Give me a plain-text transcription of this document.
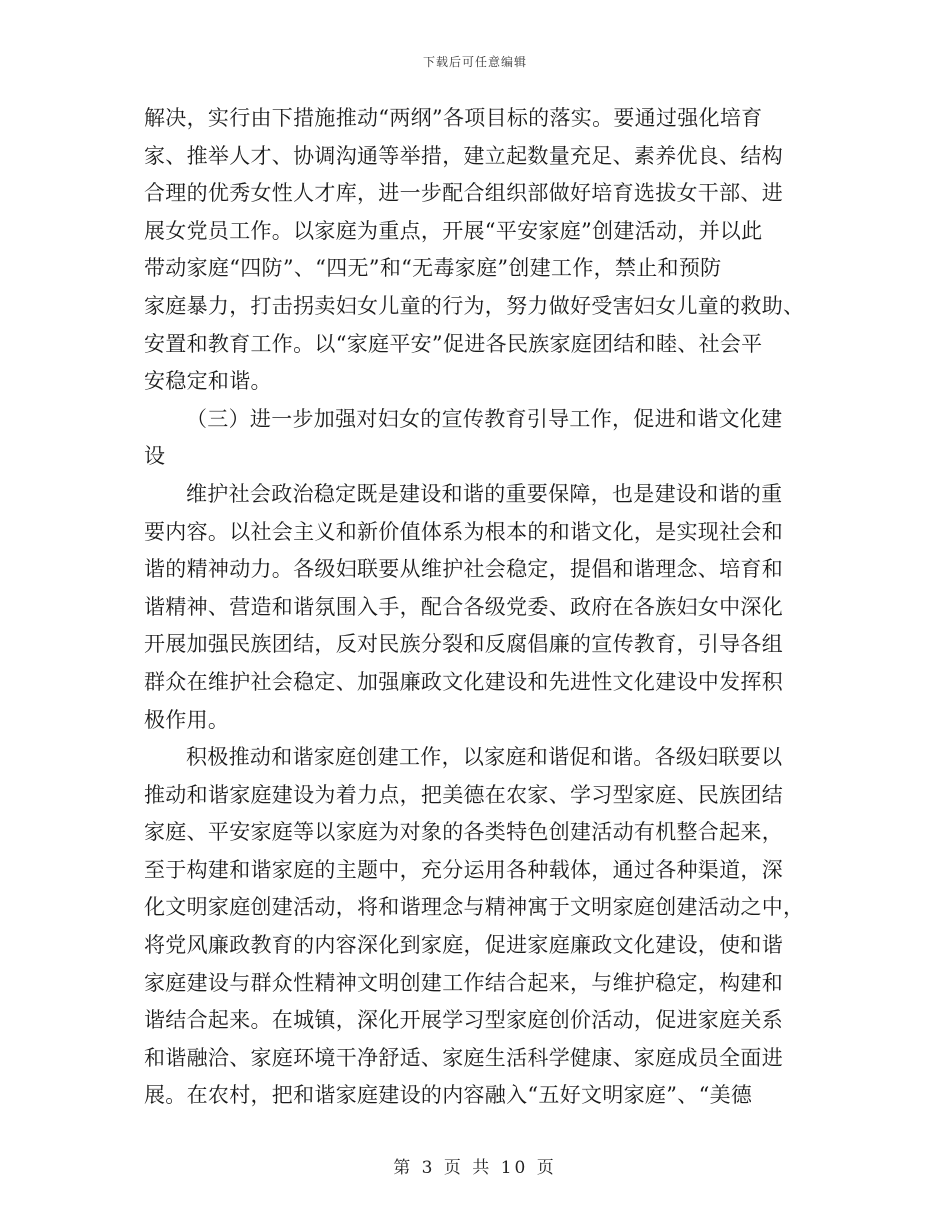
下载后可任意编辑
解决，实行由下措施推动“两纲”各项目标的落实。要通过强化培育
家、推举人才、协调沟通等举措，建立起数量充足、素养优良、结构
合理的优秀女性人才库，进一步配合组织部做好培育选拔女干部、进
展女党员工作。以家庭为重点，开展“平安家庭”创建活动，并以此
带动家庭“四防”、“四无”和“无毒家庭”创建工作，禁止和预防
家庭暴力，打击拐卖妇女儿童的行为，努力做好受害妇女儿童的救助、
安置和教育工作。以“家庭平安”促进各民族家庭团结和睦、社会平
安稳定和谐。
（三）进一步加强对妇女的宣传教育引导工作，促进和谐文化建
设
维护社会政治稳定既是建设和谐的重要保障，也是建设和谐的重
要内容。以社会主义和新价值体系为根本的和谐文化，是实现社会和
谐的精神动力。各级妇联要从维护社会稳定，提倡和谐理念、培育和
谐精神、营造和谐氛围入手，配合各级党委、政府在各族妇女中深化
开展加强民族团结，反对民族分裂和反腐倡廉的宣传教育，引导各组
群众在维护社会稳定、加强廉政文化建设和先进性文化建设中发挥积
极作用。
积极推动和谐家庭创建工作，以家庭和谐促和谐。各级妇联要以
推动和谐家庭建设为着力点，把美德在农家、学习型家庭、民族团结
家庭、平安家庭等以家庭为对象的各类特色创建活动有机整合起来，
至于构建和谐家庭的主题中，充分运用各种载体，通过各种渠道，深
化文明家庭创建活动，将和谐理念与精神寓于文明家庭创建活动之中，
将党风廉政教育的内容深化到家庭，促进家庭廉政文化建设，使和谐
家庭建设与群众性精神文明创建工作结合起来，与维护稳定，构建和
谐结合起来。在城镇，深化开展学习型家庭创价活动，促进家庭关系
和谐融洽、家庭环境干净舒适、家庭生活科学健康、家庭成员全面进
展。在农村，把和谐家庭建设的内容融入“五好文明家庭”、“美德
第 3 页 共 10 页
